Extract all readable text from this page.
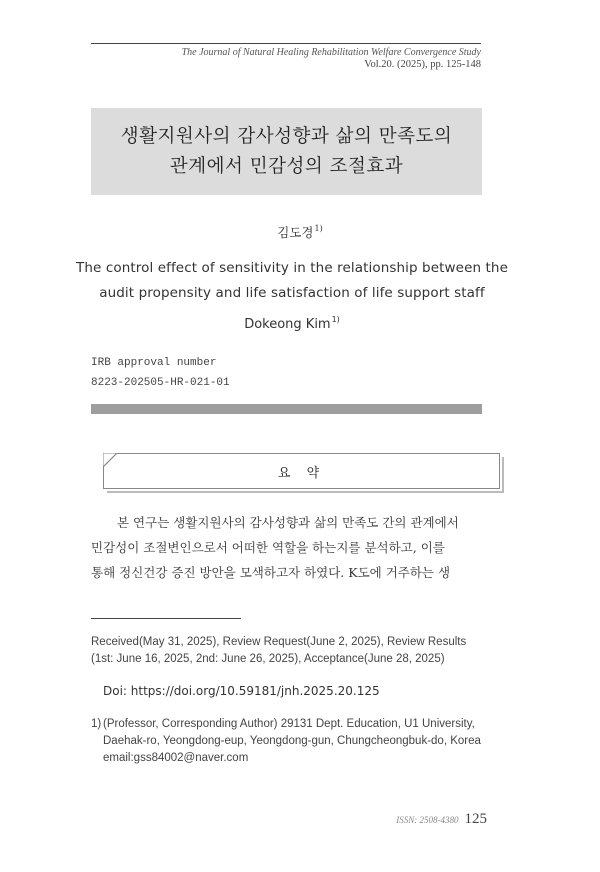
The Journal of Natural Healing Rehabilitation Welfare Convergence Study
Vol.20. (2025), pp. 125-148
생활지원사의 감사성향과 삶의 만족도의
관계에서 민감성의 조절효과
김도경$^{1)}$
The control effect of sensitivity in the relationship between the
audit propensity and life satisfaction of life support staff
Dokeong Kim$^{1)}$
IRB approval number
8223-202505-HR-021-01
요 약
본 연구는 생활지원사의 감사성향과 삶의 만족도 간의 관계에서
민감성이 조절변인으로서 어떠한 역할을 하는지를 분석하고, 이를
통해 정신건강 증진 방안을 모색하고자 하였다. K도에 거주하는 생
Received(May 31, 2025), Review Request(June 2, 2025), Review Results
(1st: June 16, 2025, 2nd: June 26, 2025), Acceptance(June 28, 2025)
Doi: https://doi.org/10.59181/jnh.2025.20.125
1) (Professor, Corresponding Author) 29131 Dept. Education, U1 University,
Daehak-ro, Yeongdong-eup, Yeongdong-gun, Chungcheongbuk-do, Korea
email:gss84002@naver.com
ISSN: 2508-4380 125
